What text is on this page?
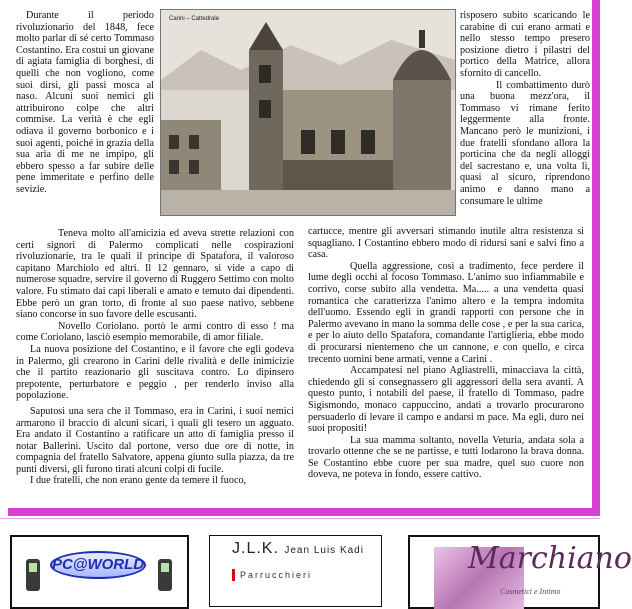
Durante il periodo rivoluzionario del 1848, fece molto parlar di sé certo Tommaso Costantino. Era costui un giovane di agiata famiglia di borghesi, di quelli che non vogliono, come suoi dirsi, gli passi mosca al naso. Alcuni suoi nemici gli attribuirono colpe che altri commise. La verità è che egli odiava il governo borbonico e i suoi agenti, poiché in grazia della sua aria di me ne impipo, gli ebbero spesso a far subire delle pene immeritate e perfino delle sevizie.

Carini – Cattedrale	risposero subito scaricando le carabine di cui erano armati e nello stesso tempo presero posizione dietro i pilastri del portico della Matrice, allora sfornito di cancello.

Il combattimento durò una buona mezz'ora, il Tommaso vi rimane ferito leggermente alla fronte. Mancano però le munizioni, i due fratelli sfondano allora la porticina che da negli alloggi del sacrestano e, una volta lì, quasi al sicuro, riprendono animo e danno mano a consumare le ultime

Teneva molto all'amicizia ed aveva strette relazioni con certi signori di Palermo complicati nelle cospirazioni rivoluzionarie, tra le quali il principe di Spatafora, il valoroso capitano Marchiolo ed altri. Il 12 gennaro, si vide a capo di numerose squadre, servire il governo di Ruggero Settimo con molto valore. Fu stimato dai capi liberali e amato e temuto dai dipendenti. Ebbe però un gran torto, di fronte al suo paese nativo, sebbene siano concorse in suo favore delle escusanti.

Novello Coriolano. portò le armi contro di esso ! ma come Coriolano, lasciò esempio memorabile, di amor filiale.

La nuova posizione del Costantino, e il favore che egli godeva in Palermo, gli crearono in Carini delle rivalità e delle inimicizie che il partito reazionario gli suscitava contro. Lo dipinsero prepotente, perturbatore e peggio , per renderlo inviso alla popolazione.

Saputosi una sera che il Tommaso, era in Carini, i suoi nemici armarono il braccio di alcuni sicari, i quali gli tesero un agguato. Era andato il Costantino a ratificare un atto di famiglia presso il notar Ballerini. Uscito dal portone, verso due ore di notte, in compagnia del fratello Salvatore, appena giunto sulla piazza, da tre punti diversi, gli furono tirati alcuni colpi di fucile.

I due fratelli, che non erano gente da temere il fuoco,

cartucce, mentre gli avversari stimando inutile altra resistenza si squagliano. I Costantino ebbero modo di ridursi sani e salvi fino a casa.

Quella aggressione, così a tradimento, fece perdere il lume degli occhi al focoso Tommaso. L'animo suo infiammabile e corrivo, corse subito alla vendetta. Ma..... a una vendetta quasi romantica che caratterizza l'animo altero e la tempra indomita dell'uomo. Essendo egli in grandi rapporti con persone che in Palermo avevano in mano la somma delle cose , e per la sua carica, e per lo aiuto dello Spatafora, comandante l'artiglieria, ebbe modo di procurarsi nientemeno che un cannone, e con quello, e circa trecento uomini bene armati, venne a Carini .

Accampatesi nel piano Agliastrelli, minacciava la città, chiedendo gli si consegnassero gli aggressori della sera avanti. A questo punto, i notabili del paese, il fratello di Tommaso, padre Sigismondo, monaco cappuccino, andati a trovarlo procurarono persuaderlo di levare il campo e andarsi m pace. Ma egli, duro nei suoi propositi!

La sua mamma soltanto, novella Veturia, andata sola a trovarlo ottenne che se ne partisse, e tutti lodarono la brava donna. Se Costantino ebbe cuore per sua madre, quel suo cuore non doveva, ne poteva in fondo, essere cattivo.

PC@WORLD
J.L.K. Jean Luis Kadi
Parrucchieri	Marchiano
Cosmetici e Intimo
